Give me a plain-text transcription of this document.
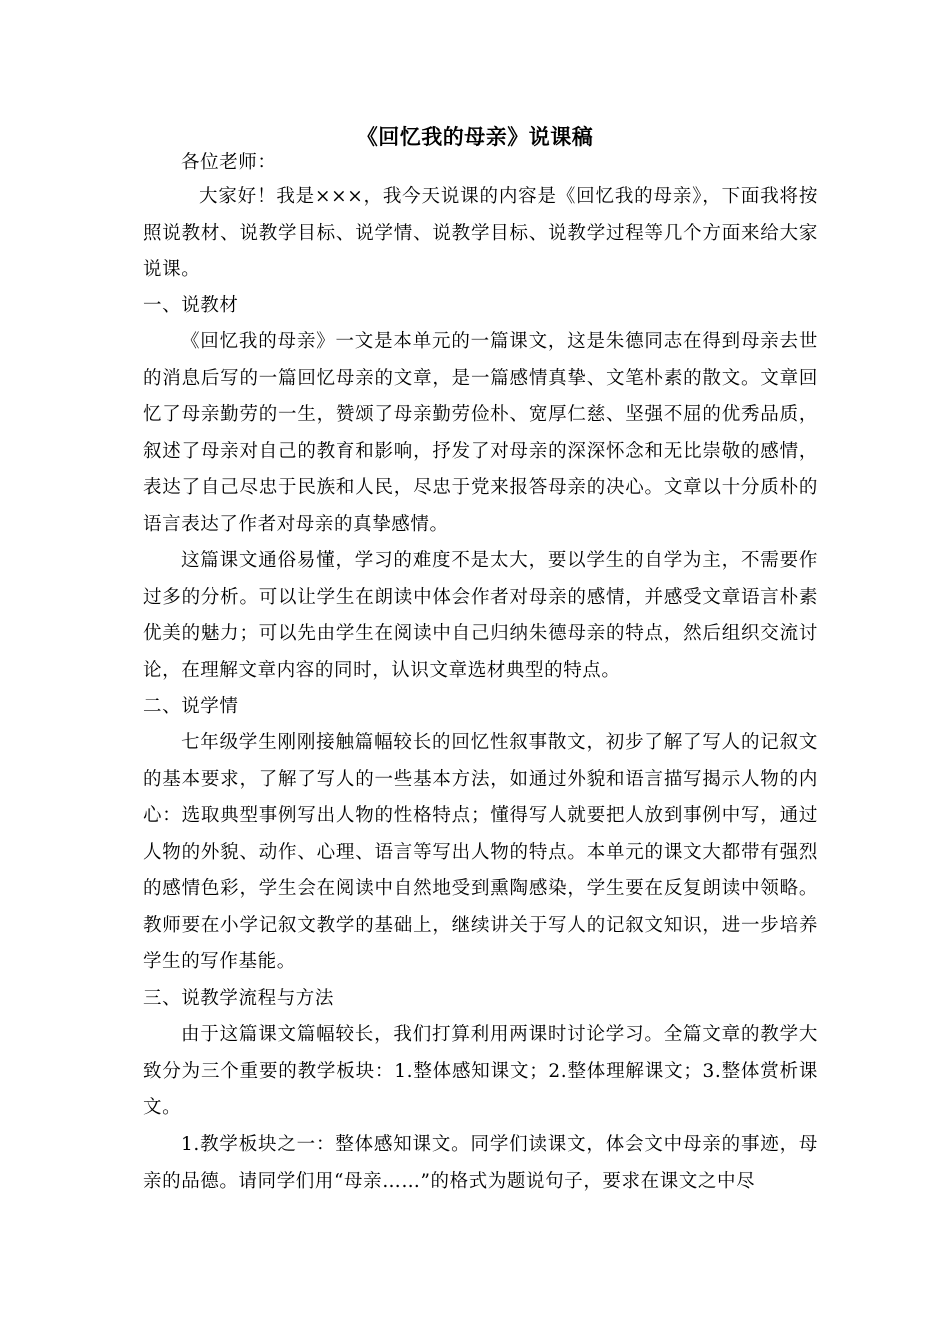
《回忆我的母亲》说课稿
各位老师：
大家好！我是×××，我今天说课的内容是《回忆我的母亲》，下面我将按照说教材、说教学目标、说学情、说教学目标、说教学过程等几个方面来给大家说课。
一、说教材
《回忆我的母亲》一文是本单元的一篇课文，这是朱德同志在得到母亲去世的消息后写的一篇回忆母亲的文章，是一篇感情真挚、文笔朴素的散文。文章回忆了母亲勤劳的一生，赞颂了母亲勤劳俭朴、宽厚仁慈、坚强不屈的优秀品质，叙述了母亲对自己的教育和影响，抒发了对母亲的深深怀念和无比崇敬的感情，表达了自己尽忠于民族和人民，尽忠于党来报答母亲的决心。文章以十分质朴的语言表达了作者对母亲的真挚感情。
这篇课文通俗易懂，学习的难度不是太大，要以学生的自学为主，不需要作过多的分析。可以让学生在朗读中体会作者对母亲的感情，并感受文章语言朴素优美的魅力；可以先由学生在阅读中自己归纳朱德母亲的特点，然后组织交流讨论，在理解文章内容的同时，认识文章选材典型的特点。
二、说学情
七年级学生刚刚接触篇幅较长的回忆性叙事散文，初步了解了写人的记叙文的基本要求，了解了写人的一些基本方法，如通过外貌和语言描写揭示人物的内心：选取典型事例写出人物的性格特点；懂得写人就要把人放到事例中写，通过人物的外貌、动作、心理、语言等写出人物的特点。本单元的课文大都带有强烈的感情色彩，学生会在阅读中自然地受到熏陶感染，学生要在反复朗读中领略。教师要在小学记叙文教学的基础上，继续讲关于写人的记叙文知识，进一步培养学生的写作基能。
三、说教学流程与方法
由于这篇课文篇幅较长，我们打算利用两课时讨论学习。全篇文章的教学大致分为三个重要的教学板块：1.整体感知课文；2.整体理解课文；3.整体赏析课文。
1.教学板块之一：整体感知课文。同学们读课文，体会文中母亲的事迹，母亲的品德。请同学们用“母亲……”的格式为题说句子，要求在课文之中尽
